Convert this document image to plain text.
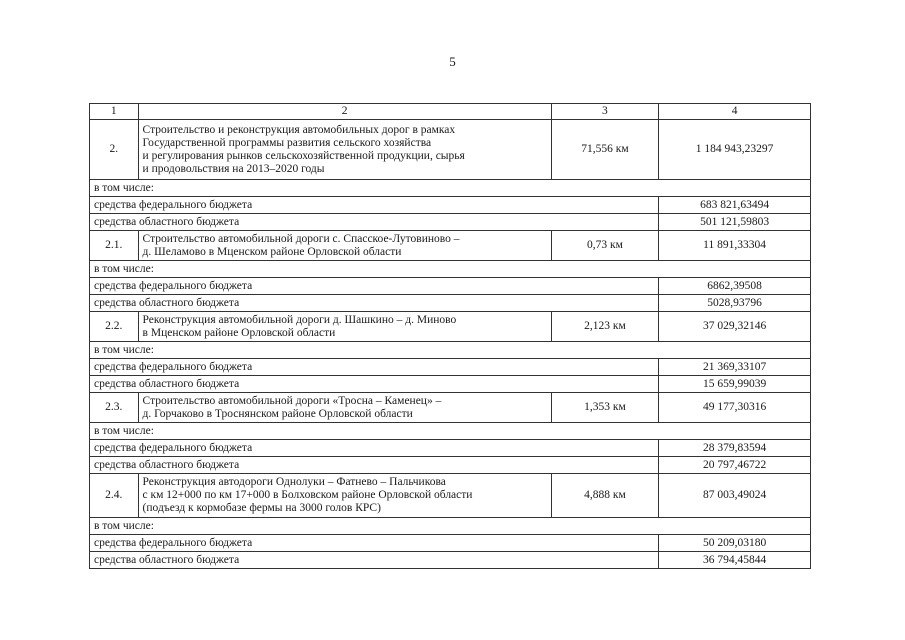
5
1	2	3	4
2.	Строительство и реконструкция автомобильных дорог в рамках
Государственной программы развития сельского хозяйства
и регулирования рынков сельскохозяйственной продукции, сырья
и продовольствия на 2013–2020 годы	71,556 км	1 184 943,23297
в том числе:			
средства федерального бюджета			683 821,63494
средства областного бюджета			501 121,59803
2.1.	Строительство автомобильной дороги с. Спасское-Лутовиново –
д. Шеламово в Мценском районе Орловской области	0,73 км	11 891,33304
в том числе:			
средства федерального бюджета			6862,39508
средства областного бюджета			5028,93796
2.2.	Реконструкция автомобильной дороги д. Шашкино – д. Миново
в Мценском районе Орловской области	2,123 км	37 029,32146
в том числе:			
средства федерального бюджета			21 369,33107
средства областного бюджета			15 659,99039
2.3.	Строительство автомобильной дороги «Тросна – Каменец» –
д. Горчаково в Троснянском районе Орловской области	1,353 км	49 177,30316
в том числе:			
средства федерального бюджета			28 379,83594
средства областного бюджета			20 797,46722
2.4.	Реконструкция автодороги Однолуки – Фатнево – Пальчикова
с км 12+000 по км 17+000 в Болховском районе Орловской области
(подъезд к кормобазе фермы на 3000 голов КРС)	4,888 км	87 003,49024
в том числе:			
средства федерального бюджета			50 209,03180
средства областного бюджета			36 794,45844
